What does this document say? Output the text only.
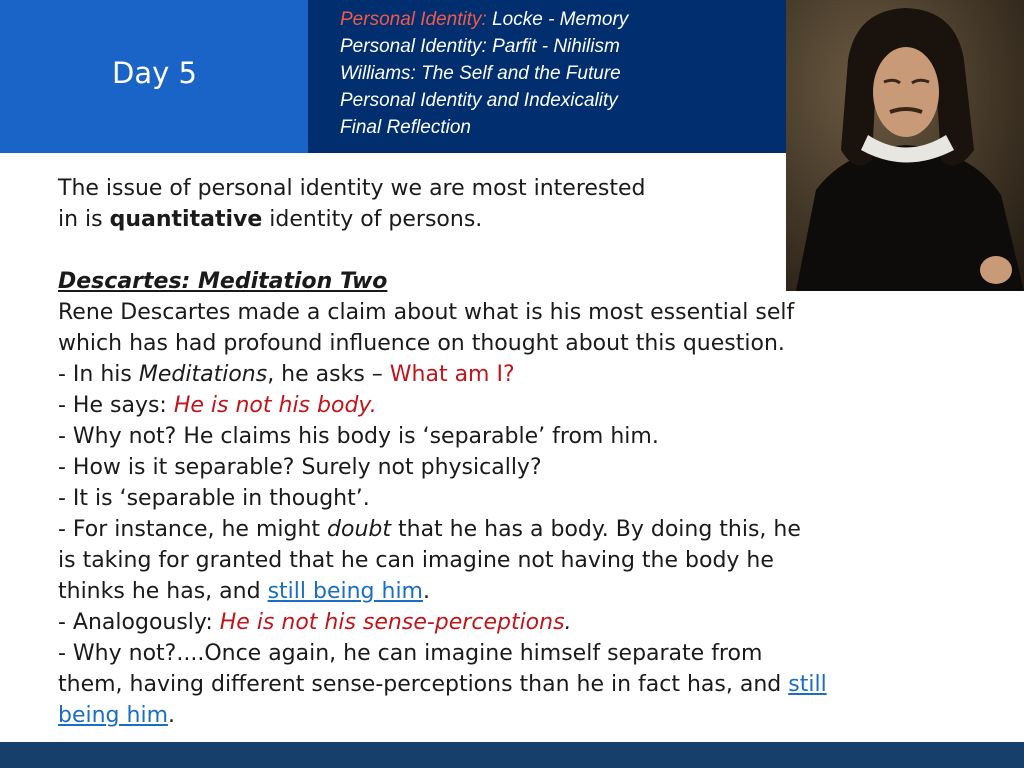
Day 5
Personal Identity: Locke - Memory
Personal Identity: Parfit - Nihilism
Williams: The Self and the Future
Personal Identity and Indexicality
Final Reflection

The issue of personal identity we are most interested

in is quantitative identity of persons.

Descartes: Meditation Two

Rene Descartes made a claim about what is his most essential self

which has had profound influence on thought about this question.

- In his Meditations, he asks – What am I?

- He says: He is not his body.

- Why not? He claims his body is ‘separable’ from him.

- How is it separable? Surely not physically?

- It is ‘separable in thought’.

- For instance, he might doubt that he has a body. By doing this, he

is taking for granted that he can imagine not having the body he

thinks he has, and still being him.

- Analogously: He is not his sense-perceptions.

- Why not?....Once again, he can imagine himself separate from

them, having different sense-perceptions than he in fact has, and still

being him.
